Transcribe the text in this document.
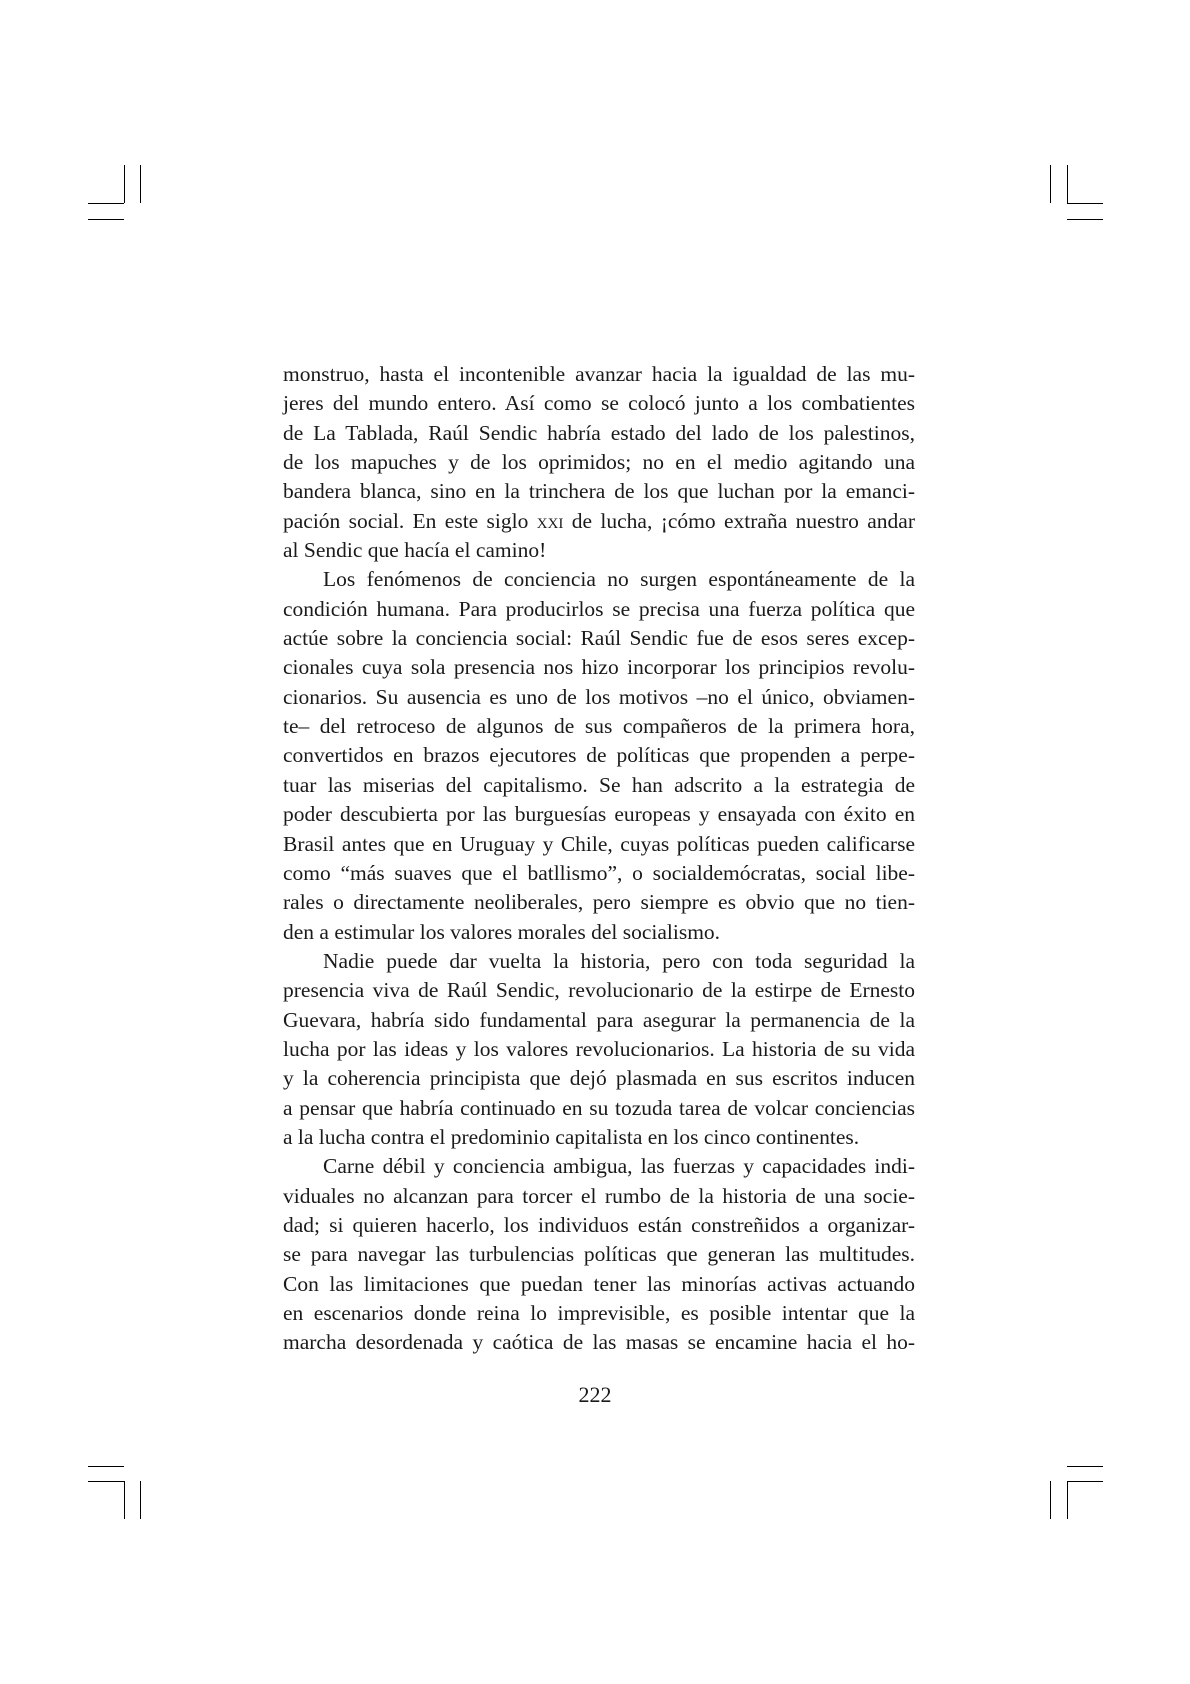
monstruo, hasta el incontenible avanzar hacia la igualdad de las mu-
jeres del mundo entero. Así como se colocó junto a los combatientes
de La Tablada, Raúl Sendic habría estado del lado de los palestinos,
de los mapuches y de los oprimidos; no en el medio agitando una
bandera blanca, sino en la trinchera de los que luchan por la emanci-
pación social. En este siglo xxi de lucha, ¡cómo extraña nuestro andar
al Sendic que hacía el camino!
Los fenómenos de conciencia no surgen espontáneamente de la
condición humana. Para producirlos se precisa una fuerza política que
actúe sobre la conciencia social: Raúl Sendic fue de esos seres excep-
cionales cuya sola presencia nos hizo incorporar los principios revolu-
cionarios. Su ausencia es uno de los motivos –no el único, obviamen-
te– del retroceso de algunos de sus compañeros de la primera hora,
convertidos en brazos ejecutores de políticas que propenden a perpe-
tuar las miserias del capitalismo. Se han adscrito a la estrategia de
poder descubierta por las burguesías europeas y ensayada con éxito en
Brasil antes que en Uruguay y Chile, cuyas políticas pueden calificarse
como “más suaves que el batllismo”, o socialdemócratas, social libe-
rales o directamente neoliberales, pero siempre es obvio que no tien-
den a estimular los valores morales del socialismo.
Nadie puede dar vuelta la historia, pero con toda seguridad la
presencia viva de Raúl Sendic, revolucionario de la estirpe de Ernesto
Guevara, habría sido fundamental para asegurar la permanencia de la
lucha por las ideas y los valores revolucionarios. La historia de su vida
y la coherencia principista que dejó plasmada en sus escritos inducen
a pensar que habría continuado en su tozuda tarea de volcar conciencias
a la lucha contra el predominio capitalista en los cinco continentes.
Carne débil y conciencia ambigua, las fuerzas y capacidades indi-
viduales no alcanzan para torcer el rumbo de la historia de una socie-
dad; si quieren hacerlo, los individuos están constreñidos a organizar-
se para navegar las turbulencias políticas que generan las multitudes.
Con las limitaciones que puedan tener las minorías activas actuando
en escenarios donde reina lo imprevisible, es posible intentar que la
marcha desordenada y caótica de las masas se encamine hacia el ho-
222
